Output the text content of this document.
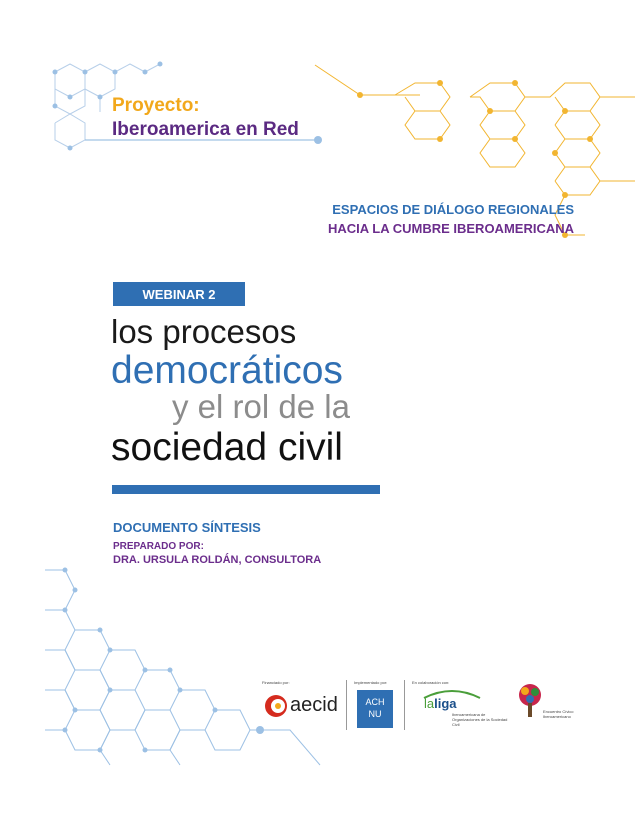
Proyecto:
Iberoamerica en Red
ESPACIOS DE DIÁLOGO REGIONALES
HACIA LA CUMBRE IBEROAMERICANA
WEBINAR 2
los procesos
democráticos
y el rol de la
sociedad civil
DOCUMENTO SÍNTESIS
PREPARADO POR:
DRA. URSULA ROLDÁN, CONSULTORA
Financiado por:
aecid
Implementado por:
ACH
NU
En colaboración con:
laliga
Iberoamericana de Organizaciones de la Sociedad Civil
Encuentro Cívico Iberoamericano
